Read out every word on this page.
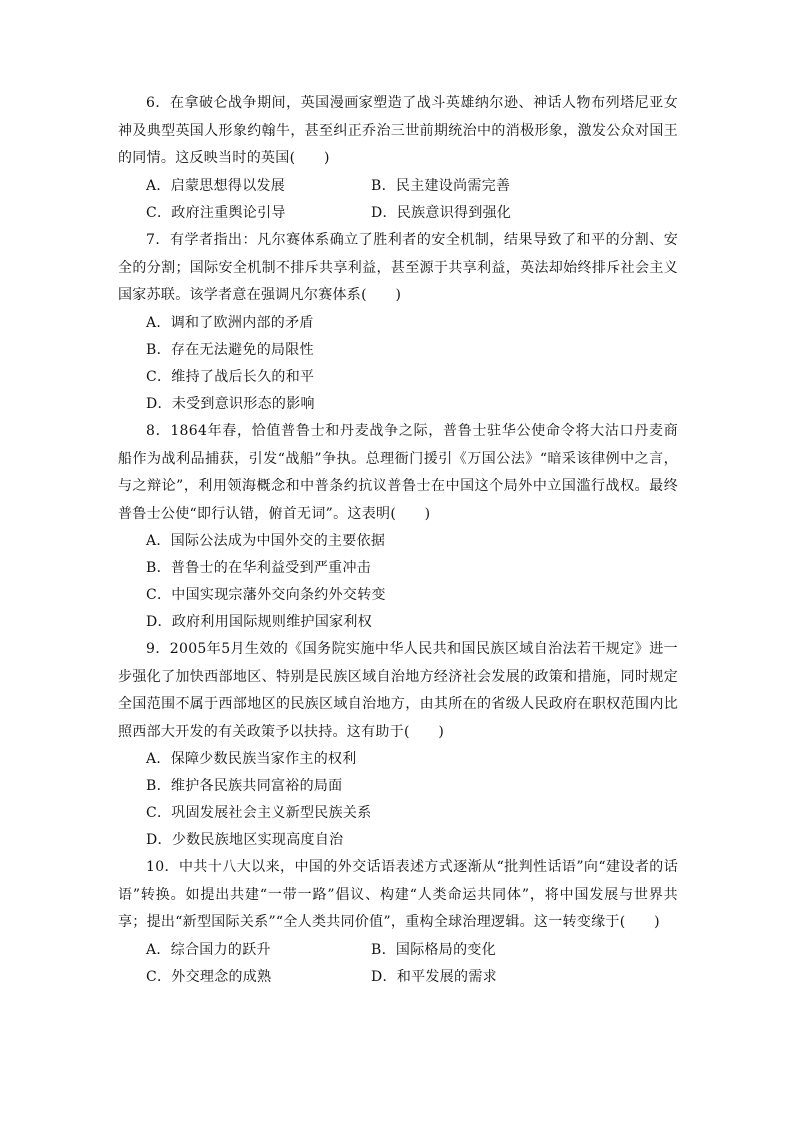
6．在拿破仑战争期间，英国漫画家塑造了战斗英雄纳尔逊、神话人物布列塔尼亚女神及典型英国人形象约翰牛，甚至纠正乔治三世前期统治中的消极形象，激发公众对国王的同情。这反映当时的英国(　　)

A．启蒙思想得以发展	B．民主建设尚需完善
C．政府注重舆论引导	D．民族意识得到强化

7．有学者指出：凡尔赛体系确立了胜利者的安全机制，结果导致了和平的分割、安全的分割；国际安全机制不排斥共享利益，甚至源于共享利益，英法却始终排斥社会主义国家苏联。该学者意在强调凡尔赛体系(　　)

A．调和了欧洲内部的矛盾

B．存在无法避免的局限性

C．维持了战后长久的和平

D．未受到意识形态的影响

8．1864年春，恰值普鲁士和丹麦战争之际，普鲁士驻华公使命令将大沽口丹麦商船作为战利品捕获，引发“战船”争执。总理衙门援引《万国公法》“暗采该律例中之言，与之辩论”，利用领海概念和中普条约抗议普鲁士在中国这个局外中立国滥行战权。最终普鲁士公使“即行认错，俯首无词”。这表明(　　)

A．国际公法成为中国外交的主要依据

B．普鲁士的在华利益受到严重冲击

C．中国实现宗藩外交向条约外交转变

D．政府利用国际规则维护国家利权

9．2005年5月生效的《国务院实施中华人民共和国民族区域自治法若干规定》进一步强化了加快西部地区、特别是民族区域自治地方经济社会发展的政策和措施，同时规定全国范围不属于西部地区的民族区域自治地方，由其所在的省级人民政府在职权范围内比照西部大开发的有关政策予以扶持。这有助于(　　)

A．保障少数民族当家作主的权利

B．维护各民族共同富裕的局面

C．巩固发展社会主义新型民族关系

D．少数民族地区实现高度自治

10．中共十八大以来，中国的外交话语表述方式逐渐从“批判性话语”向“建设者的话语”转换。如提出共建“一带一路”倡议、构建“人类命运共同体”，将中国发展与世界共享；提出“新型国际关系”“全人类共同价值”，重构全球治理逻辑。这一转变缘于(　　)

A．综合国力的跃升	B．国际格局的变化
C．外交理念的成熟	D．和平发展的需求
